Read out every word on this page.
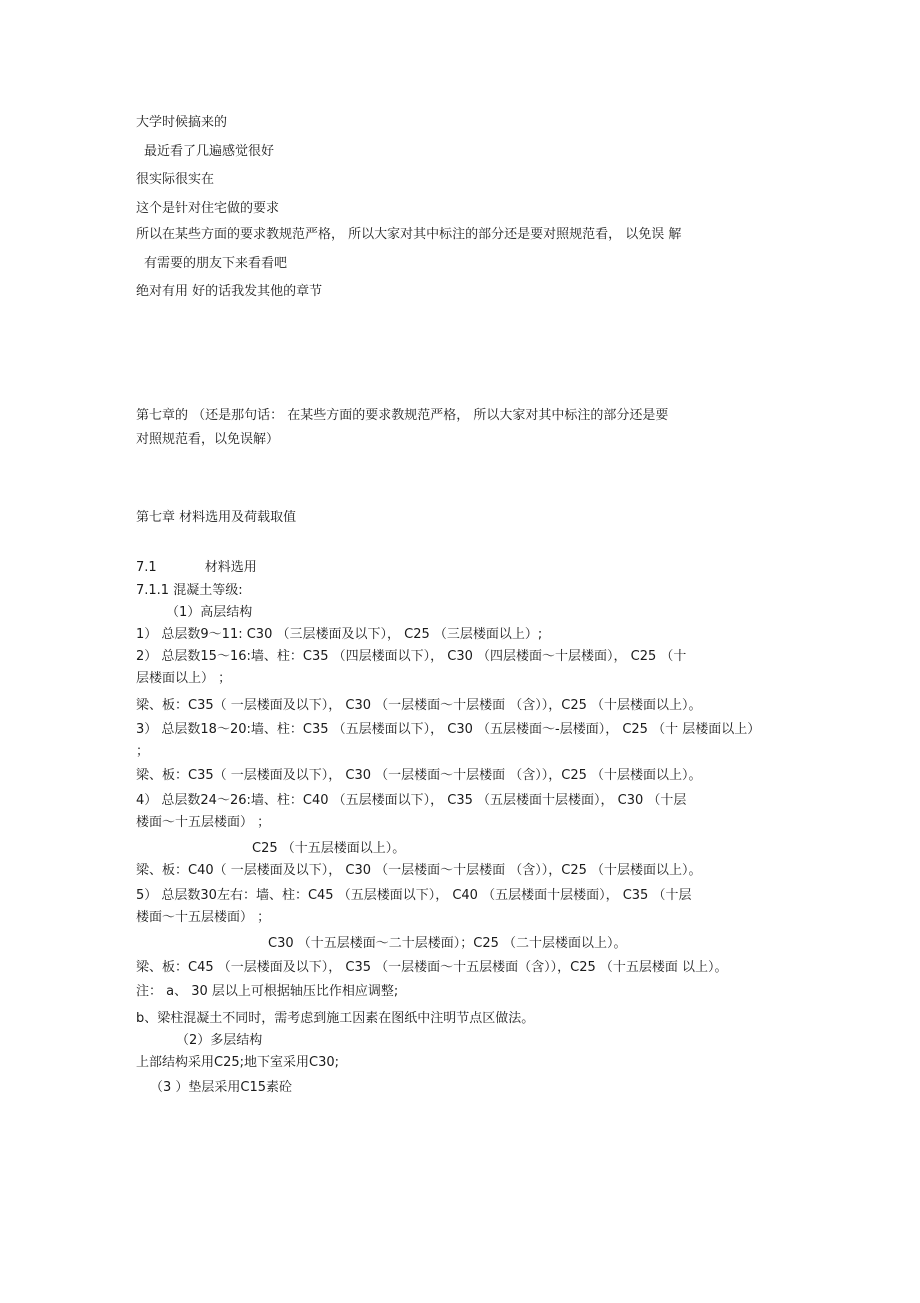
大学时候搞来的
最近看了几遍感觉很好
很实际很实在
这个是针对住宅做的要求
所以在某些方面的要求教规范严格， 所以大家对其中标注的部分还是要对照规范看， 以免误 解
有需要的朋友下来看看吧
绝对有用 好的话我发其他的章节
第七章的 （还是那句话： 在某些方面的要求教规范严格， 所以大家对其中标注的部分还是要
对照规范看，以免误解）
第七章 材料选用及荷载取值
7.1	材料选用
7.1.1 混凝土等级:
（1）高层结构
1） 总层数9～11: C30 （三层楼面及以下）， C25 （三层楼面以上）;
2） 总层数15～16:墙、柱：C35 （四层楼面以下）， C30 （四层楼面～十层楼面）， C25 （十
层楼面以上） ；
梁、板：C35（ 一层楼面及以下）， C30 （一层楼面～十层楼面 （含）），C25 （十层楼面以上）。
3） 总层数18～20:墙、柱：C35 （五层楼面以下）， C30 （五层楼面～-层楼面）， C25 （十 层楼面以上）
；
梁、板：C35（ 一层楼面及以下）， C30 （一层楼面～十层楼面 （含）），C25 （十层楼面以上）。
4） 总层数24～26:墙、柱：C40 （五层楼面以下）， C35 （五层楼面十层楼面）， C30 （十层
楼面～十五层楼面） ；
C25 （十五层楼面以上）。
梁、板：C40（ 一层楼面及以下）， C30 （一层楼面～十层楼面 （含）），C25 （十层楼面以上）。
5） 总层数30左右：墙、柱：C45 （五层楼面以下）， C40 （五层楼面十层楼面）， C35 （十层
楼面～十五层楼面） ；
C30 （十五层楼面～二十层楼面）；C25 （二十层楼面以上）。
梁、板：C45 （一层楼面及以下）， C35 （一层楼面～十五层楼面（含）），C25 （十五层楼面 以上）。
注： a、 30 层以上可根据轴压比作相应调整;
b、梁柱混凝土不同时，需考虑到施工因素在图纸中注明节点区做法。
（2）多层结构
上部结构采用C25;地下室采用C30;
（3 ）垫层采用C15素砼
